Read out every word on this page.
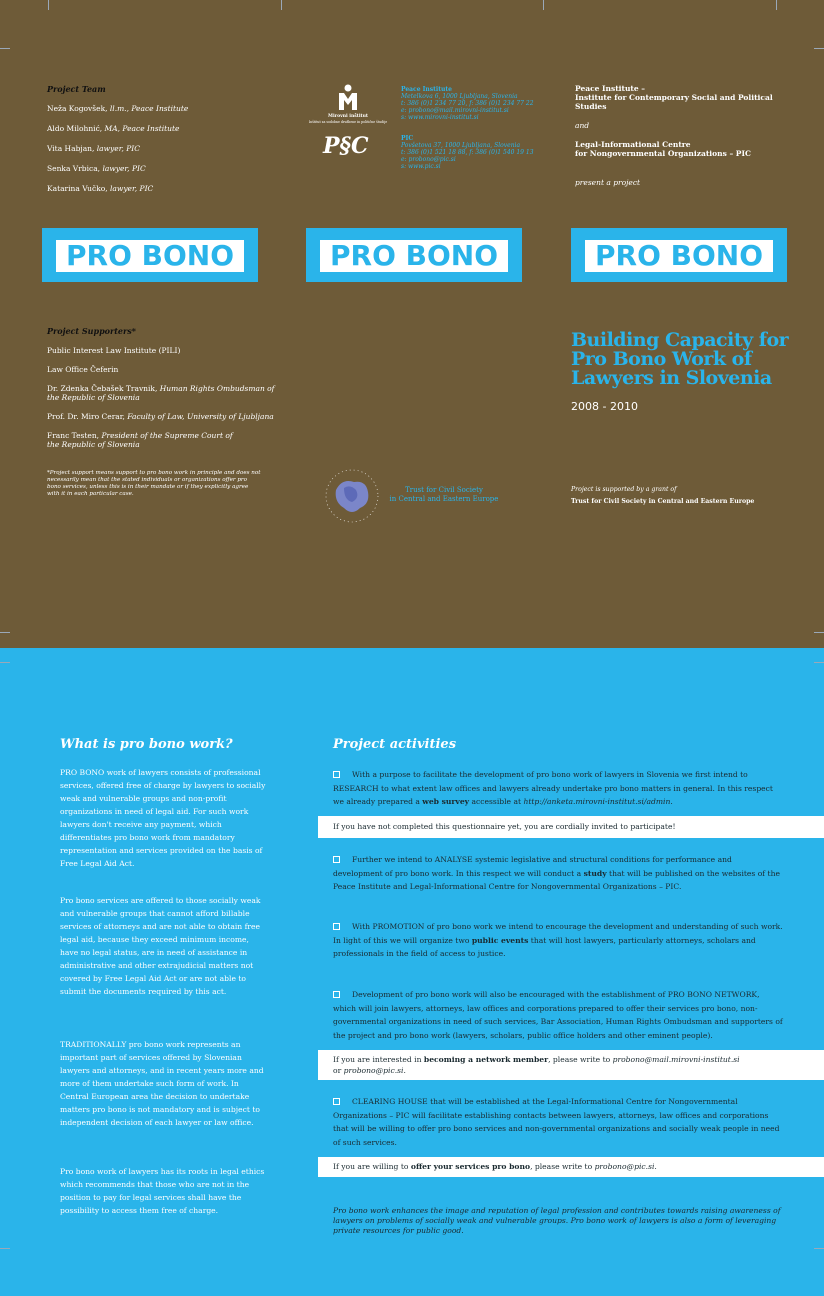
Project Team
Neža Kogovšek, ll.m., Peace Institute
Aldo Milohnić, MA, Peace Institute
Vita Habjan, lawyer, PIC
Senka Vrbica, lawyer, PIC
Katarina Vučko, lawyer, PIC
Mirovni inštitut
Inštitut za sodobne družbene in politične študije
P§C
Peace Institute
Metelkova 6, 1000 Ljubljana, Slovenia
t: 386 (0)1 234 77 20, f: 386 (0)1 234 77 22
e: probono@mail.mirovni-institut.si
s: www.mirovni-institut.si
PIC
Povšetova 37, 1000 Ljubljana, Slovenia
t: 386 (0)1 521 18 88, f: 386 (0)1 540 19 13
e: probono@pic.si
s: www.pic.si
Peace Institute –
Institute for Contemporary Social and Political Studies
and
Legal-Informational Centre
for Nongovernmental Organizations – PIC
present a project
PRO BONO	PRO BONO	PRO BONO
Project Supporters*
Public Interest Law Institute (PILI)
Law Office Čeferin
Dr. Zdenka Čebašek Travnik, Human Rights Ombudsman of the Republic of Slovenia
Prof. Dr. Miro Cerar, Faculty of Law, University of Ljubljana
Franc Testen, President of the Supreme Court of the Republic of Slovenia
*Project support means support to pro bono work in principle and does not necessarily mean that the stated individuals or organizations offer pro bono services, unless this is in their mandate or if they explicitly agree with it in each particular case.
Building Capacity for Pro Bono Work of Lawyers in Slovenia
2008 - 2010
Trust for Civil Society
in Central and Eastern Europe
Project is supported by a grant of
Trust for Civil Society in Central and Eastern Europe
What is pro bono work?
PRO BONO work of lawyers consists of professional services, offered free of charge by lawyers to socially weak and vulnerable groups and non-profit organizations in need of legal aid. For such work lawyers don't receive any payment, which differentiates pro bono work from mandatory representation and services provided on the basis of Free Legal Aid Act.
Pro bono services are offered to those socially weak and vulnerable groups that cannot afford billable services of attorneys and are not able to obtain free legal aid, because they exceed minimum income, have no legal status, are in need of assistance in administrative and other extrajudicial matters not covered by Free Legal Aid Act or are not able to submit the documents required by this act.
TRADITIONALLY pro bono work represents an important part of services offered by Slovenian lawyers and attorneys, and in recent years more and more of them undertake such form of work. In Central European area the decision to undertake matters pro bono is not mandatory and is subject to independent decision of each lawyer or law office.
Pro bono work of lawyers has its roots in legal ethics which recommends that those who are not in the position to pay for legal services shall have the possibility to access them free of charge.
Project activities
With a purpose to facilitate the development of pro bono work of lawyers in Slovenia we first intend to RESEARCH to what extent law offices and lawyers already undertake pro bono matters in general. In this respect we already prepared a web survey accessible at http://anketa.mirovni-institut.si/admin.
If you have not completed this questionnaire yet, you are cordially invited to participate!
Further we intend to ANALYSE systemic legislative and structural conditions for performance and development of pro bono work. In this respect we will conduct a study that will be published on the websites of the Peace Institute and Legal-Informational Centre for Nongovernmental Organizations – PIC.
With PROMOTION of pro bono work we intend to encourage the development and understanding of such work. In light of this we will organize two public events that will host lawyers, particularly attorneys, scholars and professionals in the field of access to justice.
Development of pro bono work will also be encouraged with the establishment of PRO BONO NETWORK, which will join lawyers, attorneys, law offices and corporations prepared to offer their services pro bono, non-governmental organizations in need of such services, Bar Association, Human Rights Ombudsman and supporters of the project and pro bono work (lawyers, scholars, public office holders and other eminent people).
If you are interested in becoming a network member, please write to probono@mail.mirovni-institut.si
or probono@pic.si.
CLEARING HOUSE that will be established at the Legal-Informational Centre for Nongovernmental Organizations – PIC will facilitate establishing contacts between lawyers, attorneys, law offices and corporations that will be willing to offer pro bono services and non-governmental organizations and socially weak people in need of such services.
If you are willing to offer your services pro bono, please write to probono@pic.si.
Pro bono work enhances the image and reputation of legal profession and contributes towards raising awareness of lawyers on problems of socially weak and vulnerable groups. Pro bono work of lawyers is also a form of leveraging private resources for public good.
